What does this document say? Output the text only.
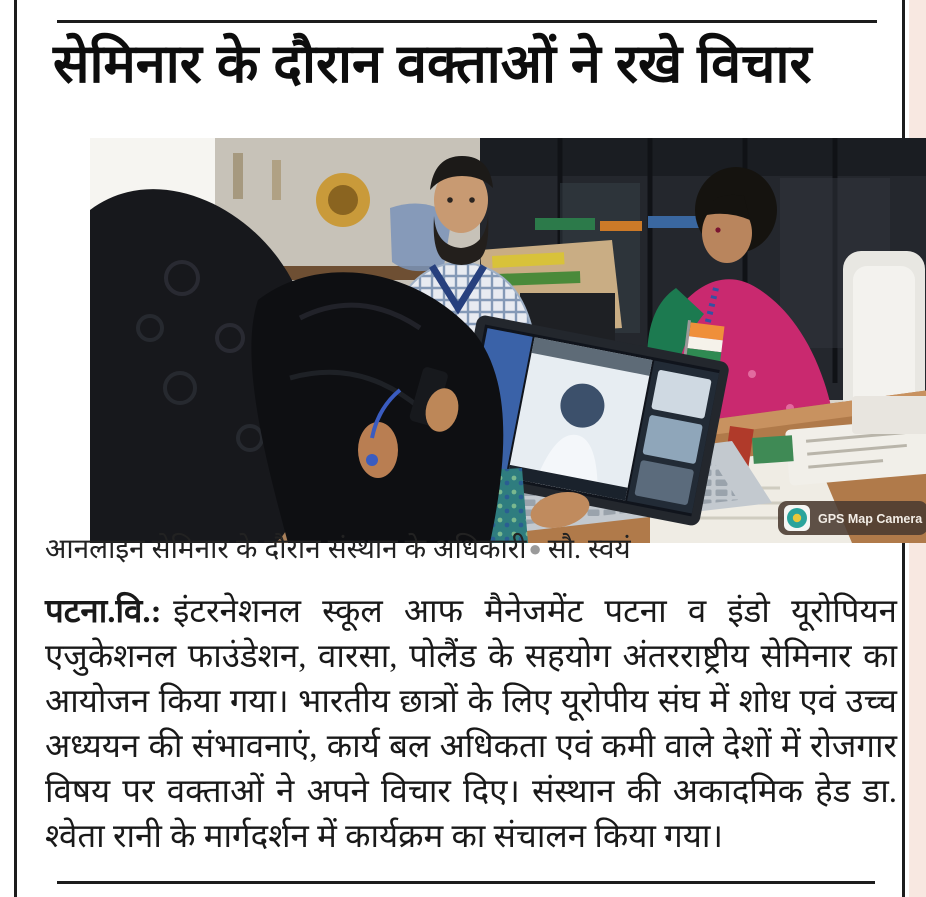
सेमिनार के दौरान वक्ताओं ने रखे विचार
GPS Map Camera

आनलाइन सेमिनार के दौरान संस्थान के अधिकारी● सौ. स्वयं

पटना.वि.: इंटरनेशनल स्कूल आफ मैनेजमेंट पटना व इंडो यूरोपियन एजुकेशनल फाउंडेशन, वारसा, पोलैंड के सहयोग अंतरराष्ट्रीय सेमिनार का आयोजन किया गया। भारतीय छात्रों के लिए यूरोपीय संघ में शोध एवं उच्च अध्ययन की संभावनाएं, कार्य बल अधिकता एवं कमी वाले देशों में रोजगार विषय पर वक्ताओं ने अपने विचार दिए। संस्थान की अकादमिक हेड डा. श्वेता रानी के मार्गदर्शन में कार्यक्रम का संचालन किया गया।
